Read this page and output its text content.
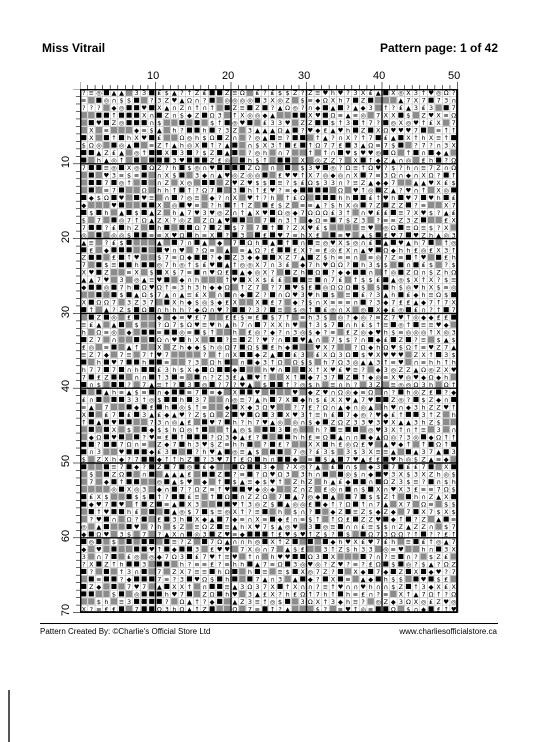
Miss Vitrail	Pattern page: 1 of 42
10	20	30	40	50
10
20
30
40
50
60
70
? ≡ ◎ ▲ ▲ 3 3 ₤ $ ▲ ? ↑ Z ₤	Z ≡ Ω ₤ ? ₤ $ $ Z ? Z ≡ ♥ h ♥ ? 3 X ₤ ▲ X ◎ X 3 ↑ ♥ ◎ Ω ?
≡	◎ ∩ $ $	? 3 Z ♥ ▲ Ω ∩ ?	◎ ◎ ◎ ◎ 3 X ◎ Z $ ≡ ◆ Ω X h 7 Z	▲ 7 X 7 7 3 ∩
? ? ? ◆ ◎	♥ X ▲ ∩ Z ∩ ↑ ∩ ↑	Z ≡ Z ? ▲ Ω ◎ ? ∩ ◆ ▲ ? ▲ ◆ 3 ↑ ? ₤ ▲ 3 ₤ 3	7
↑	X ∩ Z ∩ $ ◆ Z Ω 3 ↑ X ◎ ◎ ◆ ▲	X ♥ Ω ≡ ▲ ≡ ◎ 7 X X $ Z ♥ X ≡ Ω
♥ Z ◎	∩ $	$ ↑ ◎ ♥	₤ 3 3 ♥ Z Z	$ ↑ 3 ↑ 7 ? ◎ X ◎ ♥ ↑ ₤ X 7
X ≡	◆ ≡ $ ▲ h ?	h ? 3 Z 3 ▲ ▲ ▲ Ω ▲ ? ♥ ◆ ₤ ▲ ♥ h Z X Ω ♥ ♥ ♥ 7	≡ ↑ ↑
X	↑ h X ♥ ₤	Ω ◎ h $ Ω Z ∩ ? ◎ ▲ ≡ ?	↑ ▲ ? ∩ X ? ↑ 7 ₤ ▲ X ↑ h X ≡ ↑
$ Ω ◎	◎ ▲	≡ Z ↑ ▲ h ◎ X ↑ ? ▲	∩ $ X 3 ↑ ₤ ↑ Ω 7 7 ₤ 3 ▲ Ω ≡ 7 $	? 7 ? ∩ 3 X
▲ Z ₤ ▲ ◎ ↑	X 3 ? $ Z ▲	? ◎ h ∩ 7	↑ ↑ ∩ ♥ $ ♥ ♥ ◎ Ω ↑ ∩ ◆ ▲
h ▲ ◎ ↑	3 ♥	Z ₤ ◎	h $ ↑	X ◎ Z Z ? X ↑ ◆ Z ▲ ∩ ◎ ₤ h ? Ω
7	≡ ◎ X ◎ Ω Z ? h $ ◎ ∩ ♥	Z Ω ∩	$ 3 ♥ ◎ ? Ω ≡ ↑ Ω ♥ ? $ ? h ∩ ≡ 7 Z ∩ Ω
♥ 3 ≡ $ ≡	∩ X $	3 ◆ ∩ ▲ ♥ ◎ Z ◎ ◎	₤ ♥ ♥ ↑ X 7 ◎ ◆ ◎ ∩ X 7 ≡ 3 Ω ∩ ◆ ∩ X Ω ? ↑
7 ◎ ↑	∩ Z X ◎	Z ♥ Z ♥ $ $ ≡ ? $ ₤ Ω $ 3 3 ∩ ? ≡ Z ▲ ◆ ◆ 7	▲ ▲ ♥ X ₤ $
≡ 7	Ω h h ↑ ↑ ? Ω 7	3 h ↑ ₤ ♥ ? ≡ ◆	Ω ♥ ↑ ◎ Z ▲ ? ♥ ∩ ↑ X ◎
◆ $ Ω ♥	♥ ≡ ∩ ? ◎ ≡ ◆ ? ∩ X ♥ ↑ ? h ↑ ₤ Ω	h h	₤ ↑ ♥ h ♥ 7 ♥ h ₤
◆	♥	X ◎ ♥ ≡ ? h ↑ ↑ Z	₤ $ Z ≡ ≡ ▲ ? $ h X ◎ 7 Z Z Z ? ≡	X 7
$ h ▲ $ ▲ Z h ▲ 7 ♥ 3 ♥ ◎ Z ∩ ↑ ▲ X ♥ Ω ◎ ◆ 7 Ω Ω Ω ₤ 3 ↑ ∩ ♥ ₤ ₤ ≡ 7 X ♥ $ ? ▲ ₤
$ 7	◎ 7 ↑ Ω ▲ Z X ? ◎ Z Z Ω ▲ ♥	7 ∩ 3 ↑ ◆ Ω ≡ 7 $ Z 3 ? ≡ ≡ Z 3 Z	₤ X
7	? ₤ h Z	h	Ω 7 Z $ 7 7 ↑ ? Z X ♥ ₤ $	≡ ♥ ◎ Ω ≡ Ω ≡ $ ? X
◎	◎ ◎ $	≡ ≡ X ♥ Ω h ≡ X ? 3	₤ ♥ 7 ≡ h X ₤	≡ ♥ ▲ $ ₤ ♥ 7 ♥ Z h ▲ ◎ 3
▲ ≡ ? ₤ $	▲	7 ∩ ▲ ◆ 7 Ω h ▲ ↑ ∩ ≡ ◎ ♥ X $ ◎ ∩ ₤ ▲ ♥ ▲ h 7	↑ ◎
₤ ◆	♥ ∩ ♥ ? Ω ≡ ▲ ≡ ▲ Ω ? ₤	₤ X ? ≡ ₤ ◎ ₤ X ∩ ▲ ♥ Ω ◆ h h ₤ ◎ ₤ X 3 ↑
Z	₤ ↑ ♥	$ 7 ≡ Ω ◆	? ◆ Z 3 ◆ ◆	X Z 7 ▲ Z $ h ≡ ≡ ∩ ≡ ◎ ? Z ≡ ↑ ♥	₤ h
7	$ ≡	h	◎ 7 h ◎ ↑ $ ₤ ♥ ▲ ↑ ◎ ◎ X 7 ∩ 3 ₤ ◆ 7 h ♥ Ω Ω ? h 3 $ $	∩ ₤ $ ? $
X ♥ Z	≡ X $ X $ 7 ≡ ∩ ♥ Ω ₤ ▲ ◆ ◎ X ?	Z h Ω ? ◆ ◆	∩ ↑ ◎ Z Ω ∩ $ Z h Ω
▲ ▲ 7 ♥ 3 ◎ ▲ ≡ ♥	◆ ∩ h	↑ ♥ X X $ ₤ ₤	≡ ∩ 7 ₤ ↑ $ $ ₤ ▲ ◎ $ X ↑ X ? $ ≡
◆	◎ 7 h Ω ♥ Ω ↑ ≡ 3 h 3 h ◆ ◆ Ω ↑ Z 7 ? 7 ♥ $ ₤ ◎ Ω Ω Ω $ $ h $ ◎ ♥ h X $ ≡ ◎
$ ▲ Ω $ 7 ▲ ∩ ▲ ≡ ₤ X ∩ ∩ ◆ Z ? ∩ Ω ♥ 3 ♥ h $ ≡ ₤ ? 3 ▲ h ₤ ◆ h ≡ Ω $
X Ω Ω 7 3 Z 3 7	X h ◆ $ ◎ $ ◆ ₤ X	X ₤ 7 ◆ ? $ ∩ X ≡ ≡ ≡ ∩ ? 3 ◆ 7 ₤ ₤ ▲ ◆ 7 ↑ 7 X
↑ ▲ ? Z $ Ω ∩ h h h ? ◆ Ω ∩ ♥ ?	? 3 ? ≡ $ ◎ ↑ ₤ ◎ ∩ X ◎ X ◆ ₤ ◎ ₤ ∩ ? ↑ 7
Z ◎ ₤	◆ ◆ ≡ ♥ ₤ 7	₤ ₤ $ ≡ ₤ $ 7 ↑ ≡ h 3 $ ◎ ? ◆ ◎ ? ≡ Z 7 ♥ ↑ ◎ ◆ ◆ ₤ ₤
≡ ₤ ▲ ▲	$	? Ω 7 $ Ω ♥ ≡ ♥ h ▲ h 7 ∩ 7 X X h ♥ ↑ 3 $ 7 ∩ h ₤ $ ↑ ≡ ◎ ↑ ≡ ≡ ♥ ◆
h Ω ≡ ◎ ◆	≡	◎ ≡ $ ↑	h ₤ ◎ ? ◆ ? ∩ 3 ◎ $ ◆ ? ≡ ₤ Z ◎ ◆ ♥ h $ ≡ ◎ ◎ ◎ ↑ X ◎ 3
Z 7 ∩	Ω ∩ ♥ h X	? ≡ Z ? ♥ ? ∩	♥ ▲ ∩ 7 $ $ ? ∩ ◆ ₤ Z ? ≡ $ ▲ $
₤ ◎ ≡	▲ ↑	X Z h ◆ ◆ $ h ◎ Ω 7 Ω $ ₤ h ◆	♥ X 7	? Ω ◆ h Ω ♥ $ Ω ↑ ≡ ♥ Z 7 ▲
≡ Z 7 ◆ 7 ≡ 7 ↑ ♥ 7	? ↑ ∩ X	◆ Z ▲	₤ 3 ₤ X Ω 3 Ω $ ♥ X ♥ ♥ ♥ Z X ↑ 3 $
h ♥ 7	h	≡	? 3 Ω h	∩ ◆ 3 ↑ Ω Ω $ $ h 7 Ω 3 ◎ ▲ ▲ 3 ↑ ≡ ♥ ∩ ≡ h h ↑ h
h 7 7 7 ∩ h	₤ 3 h $ X ◆ Ω	◆	h ♥ ∩	X ↑ X ♥ ₤ ♥ ≡ ? ◆ 3 ◎ Z Z ▲ Ω ◎ Z X ♥
7 ₤ Z	∩ ∩ ↑ 3 ≡	∩ ? Z 3 ₤ ▲ ♥ ↑	X ↑ ◆ 7 3 7 Z ↑ ◆ ◎ ≡ X ♥ ◎ ♥ ◆ Ω ◆ h
∩ $	? 7 ▲ ≡ ↑ ? 3 ◎ ? 7 ? ♥ ▲ $	↑ ? ◎ $ h ≡ ∩ h ? 3 Z ≡ ◎ ◎ Ω 3 h Ω ↑
▲ h ≡ ▲ $ ≡ ∩ ◆	≡ 7 ≡ ◆ X	♥	♥ ◆ Z ♥ ∩ Ω ◎ ◆ ≡ Ω ∩ ? h ◎ Z ₤ ? ◆
₤ ∩	3 3 ↑ ◎ $	h 3 7	∩ ◎ ≡ 7 ▲ h 7 X ◆ h $ ₤ X X ♥ ▲ 7 ♥	Z ◎ ? $ Z ◆ ∩
≡ ▲ 7	◆ ₤ h ◎ $ ↑ ≡	◆ X ◆ 3 Ω ♥	? 7 ₤ ? Ω ∩ ▲ ◆ ∩ ◎ ▲ h ♥ ∩ ◆ 3 h Z Z ♥ ↑
X	₤ 7 ₤ 3 ▲ ₤ ◆ ▲ ♥ ? Z $ Ω Z ♥ Ω 3 X ♥ 3 ↑ ≡ h ₤ 7 ◆ ◎ ? ♥ ◆ ₤ ↑	3 ↑ Z h
↑ ▲ ♥	7 3 ∩ ◎ ▲ ₤	♥ 7 h ? h 7 ♥ ▲ ◎ ◎ ∩ $ ◆ Z Ω Z 3 3 ♥ 3 ♥ X ▲ ▲ 3 h Z $
X $	◆ $ $ h Ω ◎ ↑	↑ ▲ ◎ $	3 ◎	h ? ≡	◎ ♥ 3 X ↑ ∩ ↑ ≡ 3 ∩
◆ Ω ♥	? ♥ ≡ ₤ ↑	? Ω 3 ◆ ▲ ₤ ?	h h ₤ ≡ Ω ▲ ∩ ∩ ◆ ▲ Ω ◎ ? 3 ◎ ◆ Ω ↑ ↑
?	7 Ω ∩ ≡ Z ◆ 7 h 3 ♥ $ Z ≡ h h	? ₤ ?	X X h ₤ ◎ Ω ₤ ♥ ▲ ♥ ◆ ↑ ↑ Ω ↑
∩ 3	♥	◆ ₤ 3	? h ♥ ▲ ◎ ≡ ▲ $	7 ◎ ? ₤ 3 $ 3 $ 3 X ≡ ≡ ▲	▲ 3 7 ▲ 3
$ Z X h ◆ ? 7	◆ ↑ ↑ h Z ? 3 ♥ 7 ↑ ₤ Ω h ∩	◆ ≡ $ ▲ 7 ♥ ▲ ₤ ₤ ♥ h ◎ $ Z ▲ ≡ ◆
≡ 7 ◆ ? Z 7 ◎ ₤ ◆	Ω	3 ◆ 7 X ◎ ? ▲ ₤ ∩ $ ◆ 3 7 ₤ ₤ 7	X
$	Z Ω	∩	▲ ▲ ▲ ₤	Z ? ≡ ? Ω ♥ Ω 3 3 h ∩	◎ $ ∩ ◆ ♥ 3 X $ 3 X Z h ◎ $
7 ◆ ↑	◎ ▲ $ ♥ ◆ ↑ $ ▲ ≡ ◆ $ ♥ ↑ Z h Z h ▲ ₤ ◆	∩ Ω Z 3 $ ≡ ? ∩ $ h
◎ X ◎ 3 ◆ ∩ 7 ? Ω Z ≡ ↑ ♥	♥ ◆ ◎ ◆	Z ∩ Z ₤ ◎ ∩ ∩ $ X ∩ ♥ X 3 ₤ ≡ ≡ 7 Ω $
₤ X $	$ $ ↑ ?	₤ ≡ ↑ Ω ∩ Z Z Ω 7 ▲ 7 ◎ ◆ ▲	7 $ $ Z ↑	h ∩ Z ▲ X
◆ ♥ 7 ♥ ↑ Z ≡ ▲ X 3	♥ ↑ 3 ◎ Z $ ▲ ◎ ◎ ₤ ◆ ↑ ? Ω ↑ ∩ 7 ▲ X 7 Ω ≡ $ $
↑ ♥	h ₤	▲ ◎ $ 7 $ ≡ ◎ X ↑ ? ≡	h $ ∩ ?	◆ Z ≡ Z $ ◆ Z ◆ 7 X 7 $ X $
? ♥ ∩ Ω ?	₤ 3 h X ◆ ▲ 7 ◆ ≡ ∩ X ≡ ◆ ₤ ∩ ≡ $ ↑ ↑ Ω ₤ Z Z ♥ ◆ ↑ ? Z ▲ ≡
◎ ▲	♥ ? h $ Z ≡ Ω Z ≡ ▲ h X ♥ 7 $ ▲ ◎ ♥ 3 ◎ ≡ ∩ ∩ ₤ ≡ $ $ ∩ Z ▲ Z Z ∩ $ 7
◆ Ω ♥ 3 $ 7 ? ▲ X ∩ ◎ 3 Z ♥ ≡ ◆	↑ ₤ ♥ $ ♥ ↑ Z $ ? $	Ω 7 3 Ω Ω ? ↑ ? ? ₤ ↑
◎	$	≡ ? Z	7 Ω ▲ ∩ ∩ h ◎ X ↑ Z	◆ h ♥ X ₤ ♥ 7 ₤ h ≡ ₤ ↑ ◎ ▲ 7
◆ ♥	♥ ↑ ◆	3 ₤ ♥ ♥ 7 X ◎ ∩ 7 ▲ $ ₤	3 ↑ Z $ h 3 3 ◎ ≡ ♥	h ∩ 3 X
3 ∩ 7	₤ ◎ ◎ ◆ 7 Ω 3 ₤ 7 ♥ ↑ ≡ ♥ ↑ ∩ h ♥ ♥	Ω 3 X	7 ∩ ? ≡ ∩ ? $ Z ₤
? X Z ↑ h	3	h ? ≡ ≡ ₤ ? ≡ h h ▲ 7 ≡ Ω 3 ◎ ♥ ◎ ? Z ♥ ? ≡ ? ₤ Ω $ ◎ ? $ ▲ ? Ω Z
?	↑ 3 ∩	7 Z X 7 ≡ ≡ h Ω	h ≡ ≡ $ X ◎ 7 Z ?	X ◆ 7 ◆ Z X ◆ ♥ ? 7
≡	? ◆	7 ≡ ? 3 ♥ Ω $ h	7 ▲ ∩ 3 ▲ ◆ ? X ≡ ▲ ◆ h $ $	♥ $ ₤
Z ◆	7 ♥ 7 ▲ X X ↑ ∩	≡ ▲ 3 Ω 3 7 X ↑ X ∩ ∩ ? ≡ ↑ ♥ ∩ ∩ ♥ h ∩ ∩ $ Z ↑ 3 ◆ X ₤ X
$	◎	h ♥ 7	Z Ω h ♥ 3 ▲ ₤ X ? h ₤ Ω ↑ 7 h ↑ h ≡ ₤ ∩ ? ≡ X ↑ ▲ 7 Ω ↑ ? Ω
$ h ≡ 3	? Ω ▲ ↑ ? ◆	▲ Z 3 ≡ ↑ ◎ $	3 Ω X ↑ 3 ◆ h ≡ ? ◎ Z ◆ 3 Ω X ◎ ₤ Z ♥ ◎
X ? ≡ ₤ ₤	7	Ω 3 h Ω ▲ ↑ Z	Ω 7 ≡ ↑ ? ▲	$ ? ≡ ♥ ↑ ◎ ≡	Ω $ ∩ ◆ ₤ ↑ ♥
Pattern Created By: ©Charlie's Official Store Ltd	www.charliesofficialstore.ca
